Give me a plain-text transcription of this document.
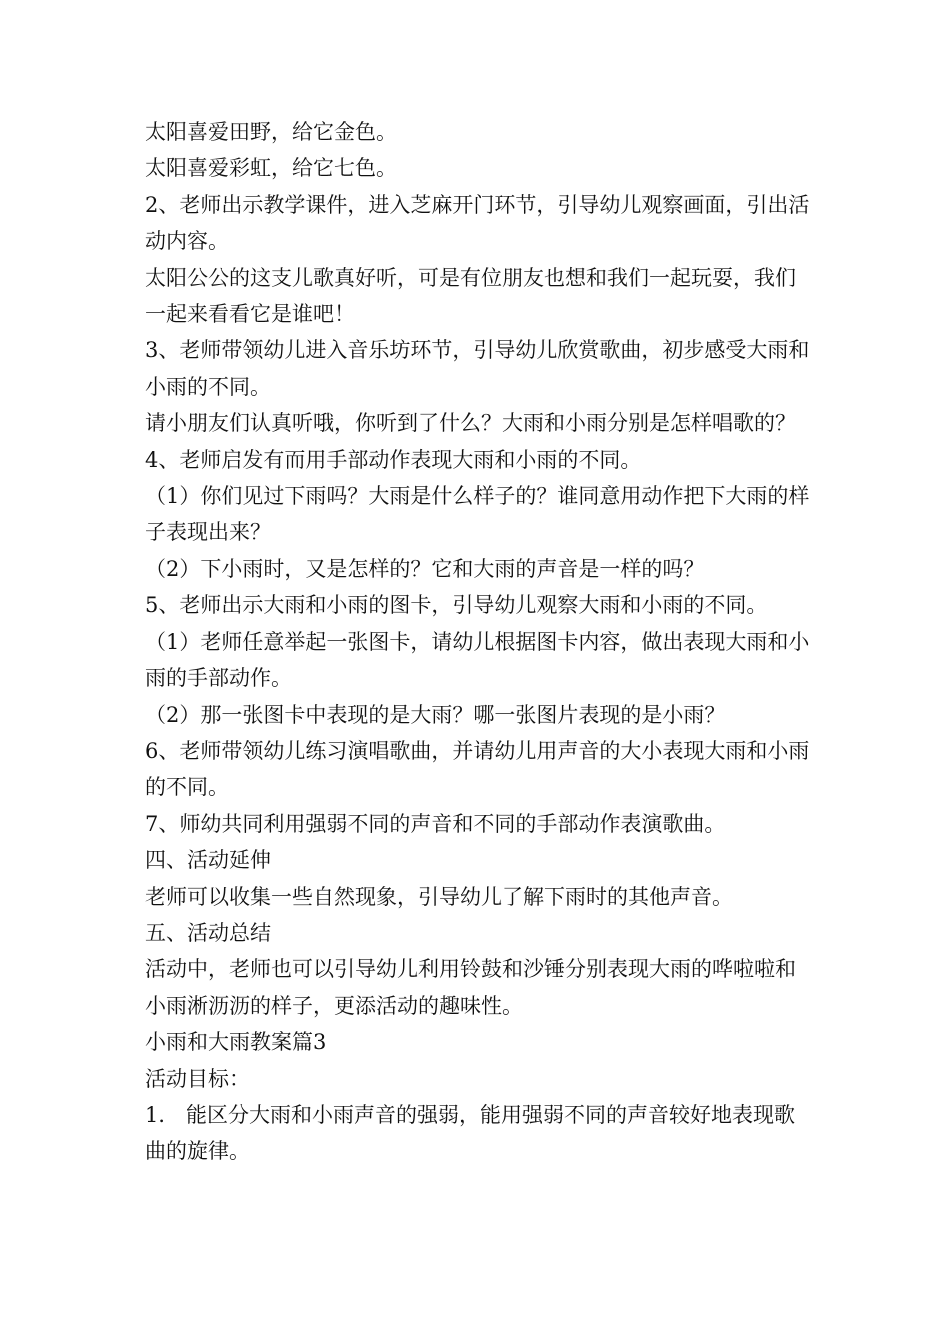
太阳喜爱田野，给它金色。

太阳喜爱彩虹，给它七色。

2、老师出示教学课件，进入芝麻开门环节，引导幼儿观察画面，引出活动内容。

太阳公公的这支儿歌真好听，可是有位朋友也想和我们一起玩耍，我们一起来看看它是谁吧！

3、老师带领幼儿进入音乐坊环节，引导幼儿欣赏歌曲，初步感受大雨和小雨的不同。

请小朋友们认真听哦，你听到了什么？大雨和小雨分别是怎样唱歌的？

4、老师启发有而用手部动作表现大雨和小雨的不同。

（1）你们见过下雨吗？大雨是什么样子的？谁同意用动作把下大雨的样子表现出来？

（2）下小雨时，又是怎样的？它和大雨的声音是一样的吗？

5、老师出示大雨和小雨的图卡，引导幼儿观察大雨和小雨的不同。

（1）老师任意举起一张图卡，请幼儿根据图卡内容，做出表现大雨和小雨的手部动作。

（2）那一张图卡中表现的是大雨？哪一张图片表现的是小雨？

6、老师带领幼儿练习演唱歌曲，并请幼儿用声音的大小表现大雨和小雨的不同。

7、师幼共同利用强弱不同的声音和不同的手部动作表演歌曲。

四、活动延伸

老师可以收集一些自然现象，引导幼儿了解下雨时的其他声音。

五、活动总结

活动中，老师也可以引导幼儿利用铃鼓和沙锤分别表现大雨的哗啦啦和小雨淅沥沥的样子，更添活动的趣味性。

小雨和大雨教案篇3

活动目标：

1． 能区分大雨和小雨声音的强弱，能用强弱不同的声音较好地表现歌曲的旋律。
